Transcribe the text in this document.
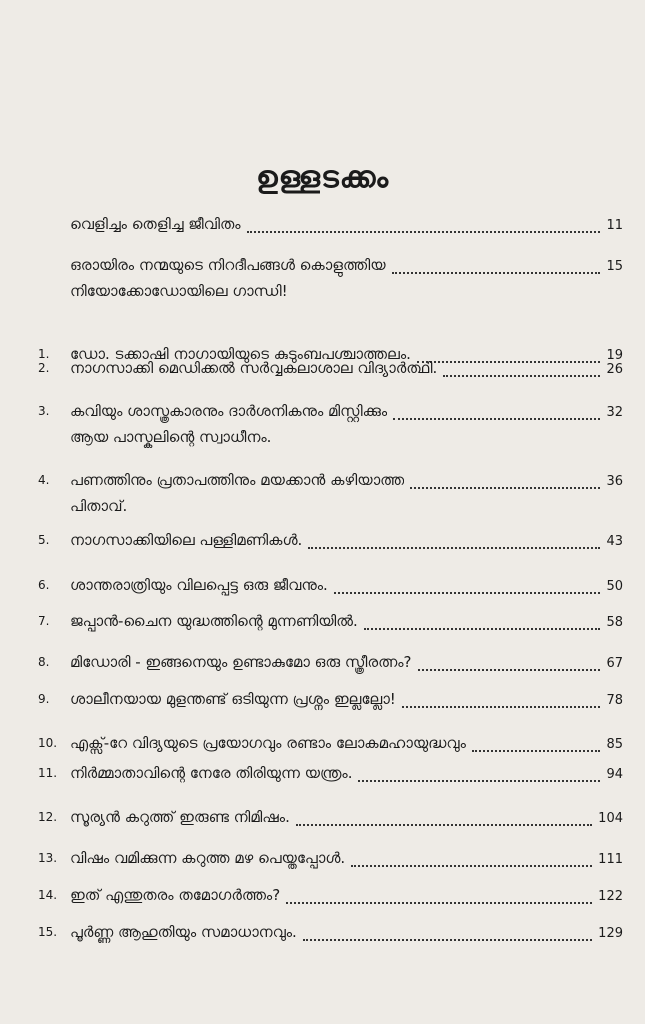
ഉള്ളടക്കം
വെളിച്ചം തെളിച്ച ജീവിതം	11
ഒരായിരം നന്മയുടെ നിറദീപങ്ങൾ കൊളുത്തിയ	15
നിയോക്കോഡോയിലെ ഗാന്ധി!
1. ഡോ. ടക്കാഷി നാഗായിയുടെ കുടുംബപശ്ചാത്തലം.	19
2. നാഗസാക്കി മെഡിക്കൽ സർവ്വകലാശാല വിദ്യാർത്ഥി.	26
3. കവിയും ശാസ്ത്രകാരനും ദാർശനികനും മിസ്റ്റിക്കും	32
ആയ പാസ്കലിന്റെ സ്വാധീനം.
4. പണത്തിനും പ്രതാപത്തിനും മയക്കാൻ കഴിയാത്ത	36
പിതാവ്.
5. നാഗസാക്കിയിലെ പള്ളിമണികൾ.	43
6. ശാന്തരാത്രിയും വിലപ്പെട്ട ഒരു ജീവനും.	50
7. ജപ്പാൻ-ചൈന യുദ്ധത്തിന്റെ മുന്നണിയിൽ.	58
8. മിഡോരി - ഇങ്ങനെയും ഉണ്ടാകുമോ ഒരു സ്ത്രീരത്നം?	67
9. ശാലീനയായ മുളന്തണ്ട് ഒടിയുന്ന പ്രശ്നം ഇല്ലല്ലോ!	78
10. എക്സ്-റേ വിദ്യയുടെ പ്രയോഗവും രണ്ടാം ലോകമഹായുദ്ധവും	85
11. നിർമ്മാതാവിന്റെ നേരേ തിരിയുന്ന യന്ത്രം.	94
12. സൂര്യൻ കറുത്ത് ഇരുണ്ട നിമിഷം.	104
13. വിഷം വമിക്കുന്ന കറുത്ത മഴ പെയ്തപ്പോൾ.	111
14. ഇത് എന്തുതരം തമോഗർത്തം?	122
15. പൂർണ്ണ ആഹുതിയും സമാധാനവും.	129
